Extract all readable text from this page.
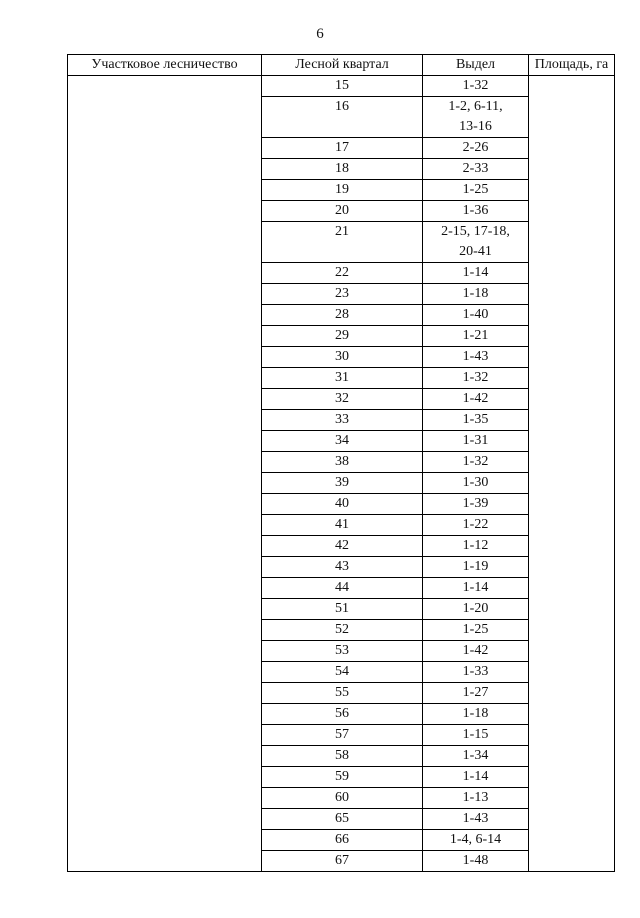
6
Участковое лесничество	Лесной квартал	Выдел	Площадь, га
	15	1-32	

	16	1-2, 6-11,
13-16	

	17	2-26	

	18	2-33	

	19	1-25	

	20	1-36	

	21	2-15, 17-18,
20-41	

	22	1-14	

	23	1-18	

	28	1-40	

	29	1-21	

	30	1-43	

	31	1-32	

	32	1-42	

	33	1-35	

	34	1-31	

	38	1-32	

	39	1-30	

	40	1-39	

	41	1-22	

	42	1-12	

	43	1-19	

	44	1-14	

	51	1-20	

	52	1-25	

	53	1-42	

	54	1-33	

	55	1-27	

	56	1-18	

	57	1-15	

	58	1-34	

	59	1-14	

	60	1-13	

	65	1-43	

	66	1-4, 6-14	

	67	1-48	
